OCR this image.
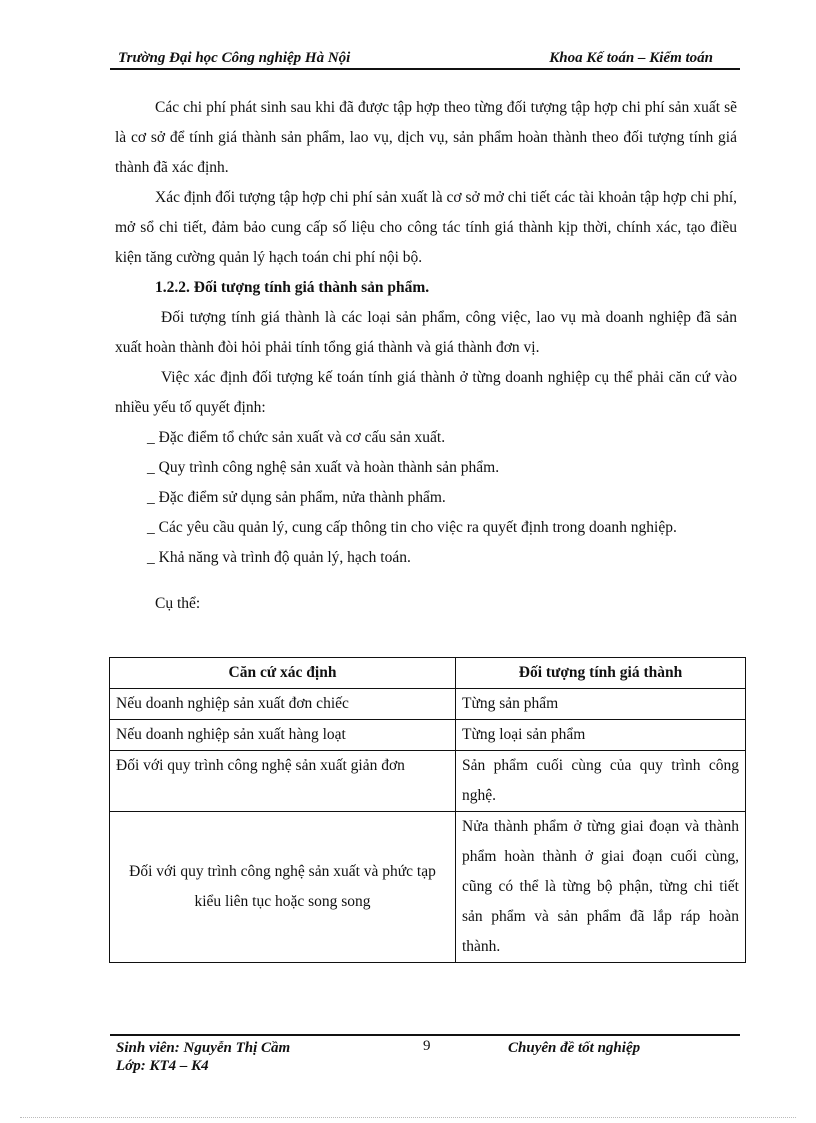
Trường Đại học Công nghiệp Hà Nội	Khoa Kế toán – Kiểm toán

Các chi phí phát sinh sau khi đã được tập hợp theo từng đối tượng tập hợp chi phí sản xuất sẽ là cơ sở để tính giá thành sản phẩm, lao vụ, dịch vụ, sản phẩm hoàn thành theo đối tượng tính giá thành đã xác định.

Xác định đối tượng tập hợp chi phí sản xuất là cơ sở mở chi tiết các tài khoản tập hợp chi phí, mở sổ chi tiết, đảm bảo cung cấp số liệu cho công tác tính giá thành kịp thời, chính xác, tạo điều kiện tăng cường quản lý hạch toán chi phí nội bộ.

1.2.2. Đối tượng tính giá thành sản phẩm.

Đối tượng tính giá thành là các loại sản phẩm, công việc, lao vụ mà doanh nghiệp đã sản xuất hoàn thành đòi hỏi phải tính tổng giá thành và giá thành đơn vị.

Việc xác định đối tượng kế toán tính giá thành ở từng doanh nghiệp cụ thể phải căn cứ vào nhiều yếu tố quyết định:

_ Đặc điểm tổ chức sản xuất và cơ cấu sản xuất.

_ Quy trình công nghệ sản xuất và hoàn thành sản phẩm.

_ Đặc điểm sử dụng sản phẩm, nửa thành phẩm.

_ Các yêu cầu quản lý, cung cấp thông tin cho việc ra quyết định trong doanh nghiệp.

_ Khả năng và trình độ quản lý, hạch toán.

Cụ thể:

Căn cứ xác định	Đối tượng tính giá thành
Nếu doanh nghiệp sản xuất đơn chiếc	Từng sản phẩm
Nếu doanh nghiệp sản xuất hàng loạt	Từng loại sản phẩm
Đối với quy trình công nghệ sản xuất giản đơn	Sản phẩm cuối cùng của quy trình công nghệ.
Đối với quy trình công nghệ sản xuất và phức tạp kiểu liên tục hoặc song song	Nửa thành phẩm ở từng giai đoạn và thành phẩm hoàn thành ở giai đoạn cuối cùng, cũng có thể là từng bộ phận, từng chi tiết sản phẩm và sản phẩm đã lắp ráp hoàn thành.
Sinh viên: Nguyễn Thị Cầm
Lớp: KT4 – K4
9	Chuyên đề tốt nghiệp
